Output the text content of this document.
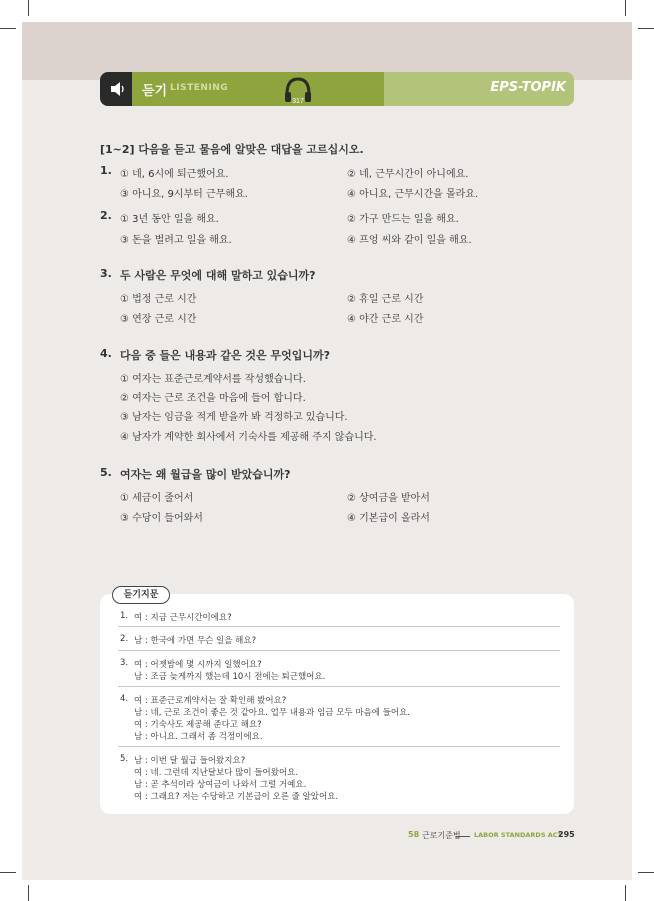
듣기 LISTENING
317
EPS-TOPIK
[1~2] 다음을 듣고 물음에 알맞은 대답을 고르십시오.
1. ① 네, 6시에 퇴근했어요.	② 네, 근무시간이 아니에요.
③ 아니요, 9시부터 근무해요.	④ 아니요, 근무시간을 몰라요.
2. ① 3년 동안 일을 해요.	② 가구 만드는 일을 해요.
③ 돈을 벌려고 일을 해요.	④ 프엉 씨와 같이 일을 해요.
3. 두 사람은 무엇에 대해 말하고 있습니까?
① 법정 근로 시간	② 휴일 근로 시간
③ 연장 근로 시간	④ 야간 근로 시간
4. 다음 중 들은 내용과 같은 것은 무엇입니까?
① 여자는 표준근로계약서를 작성했습니다.
② 여자는 근로 조건을 마음에 들어 합니다.
③ 남자는 임금을 적게 받을까 봐 걱정하고 있습니다.
④ 남자가 계약한 회사에서 기숙사를 제공해 주지 않습니다.
5. 여자는 왜 월급을 많이 받았습니까?
① 세금이 줄어서	② 상여금을 받아서
③ 수당이 들어와서	④ 기본급이 올라서
듣기지문
1. 여 : 지금 근무시간이에요?
2. 남 : 한국에 가면 무슨 일을 해요?
3. 여 : 어젯밤에 몇 시까지 일했어요?
남 : 조금 늦게까지 했는데 10시 전에는 퇴근했어요.
4. 여 : 표준근로계약서는 잘 확인해 봤어요?
남 : 네, 근로 조건이 좋은 것 같아요. 업무 내용과 임금 모두 마음에 들어요.
여 : 기숙사도 제공해 준다고 해요?
남 : 아니요. 그래서 좀 걱정이에요.
5. 남 : 이번 달 월급 들어왔지요?
여 : 네. 그런데 지난달보다 많이 들어왔어요.
남 : 곧 추석이라 상여금이 나와서 그럴 거예요.
여 : 그래요? 저는 수당하고 기본급이 오른 줄 알았어요.
58 근로기준법 LABOR STANDARDS ACT
295
